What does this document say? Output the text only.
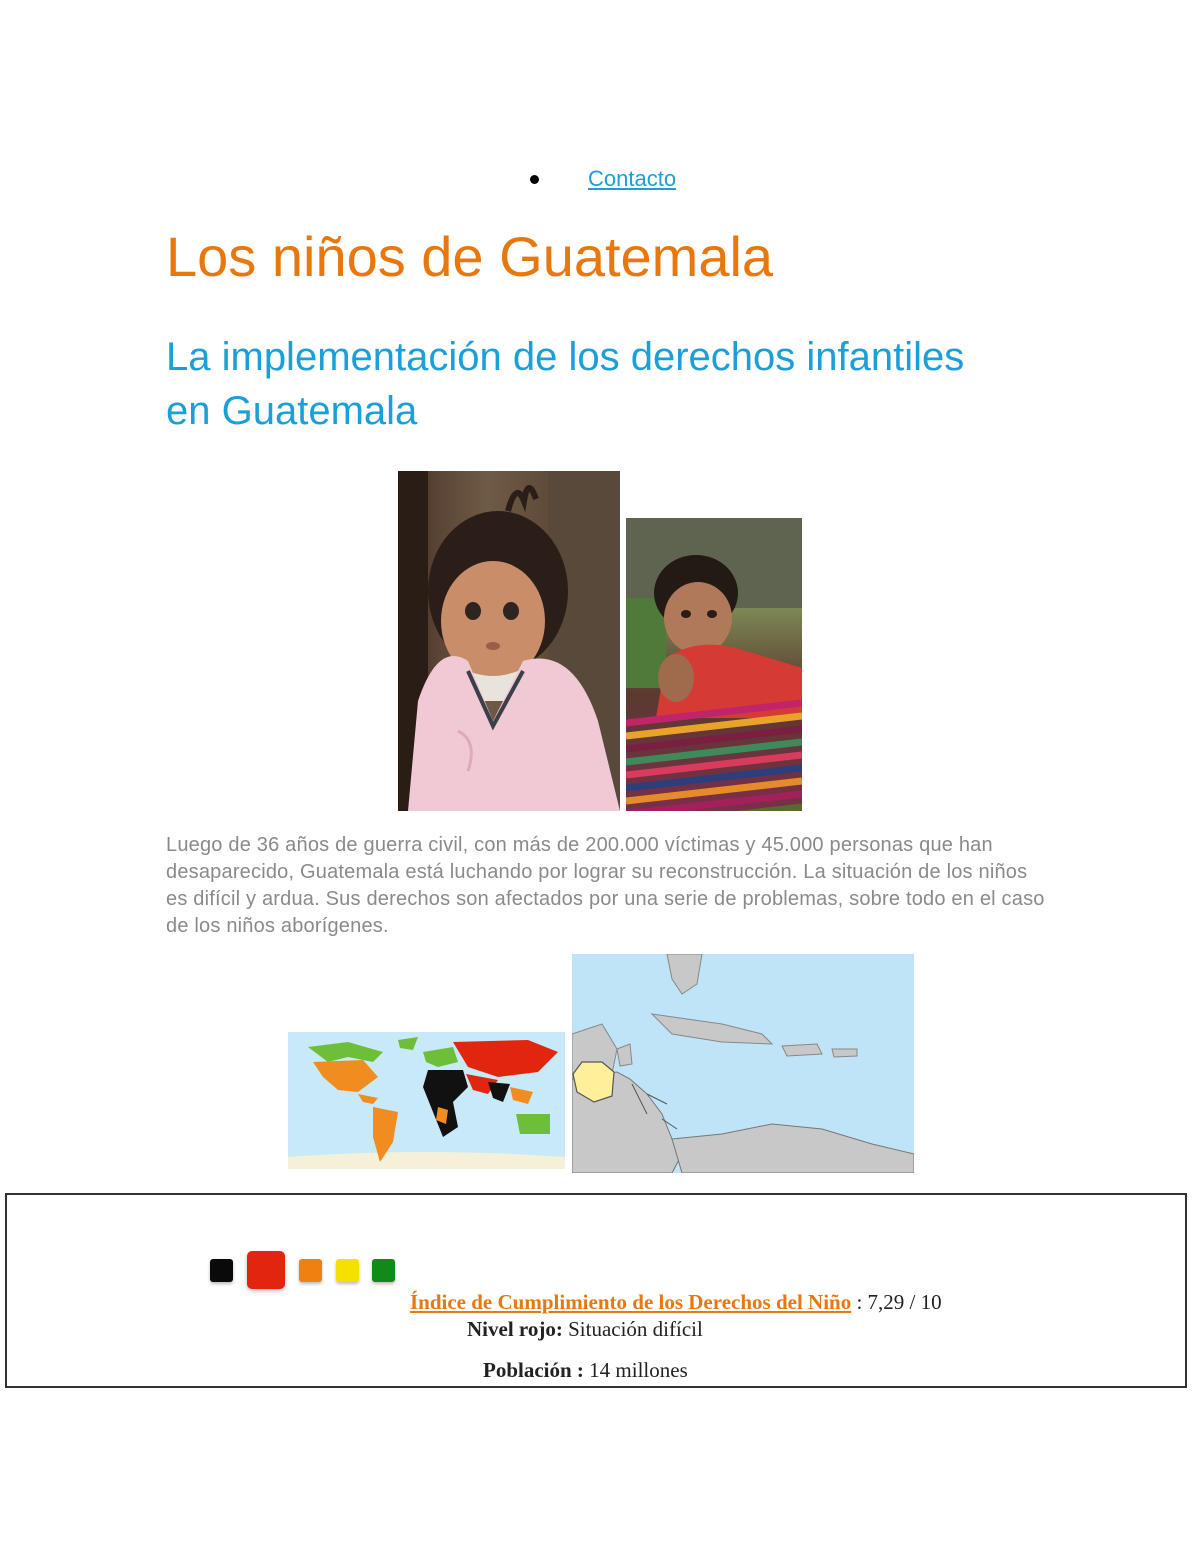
Contacto
Los niños de Guatemala
La implementación de los derechos infantiles en Guatemala

Luego de 36 años de guerra civil, con más de 200.000 víctimas y 45.000 personas que han desaparecido, Guatemala está luchando por lograr su reconstrucción. La situación de los niños es difícil y ardua. Sus derechos son afectados por una serie de problemas, sobre todo en el caso de los niños aborígenes.

Índice de Cumplimiento de los Derechos del Niño : 7,29 / 10
Nivel rojo: Situación difícil
Población : 14 millones
